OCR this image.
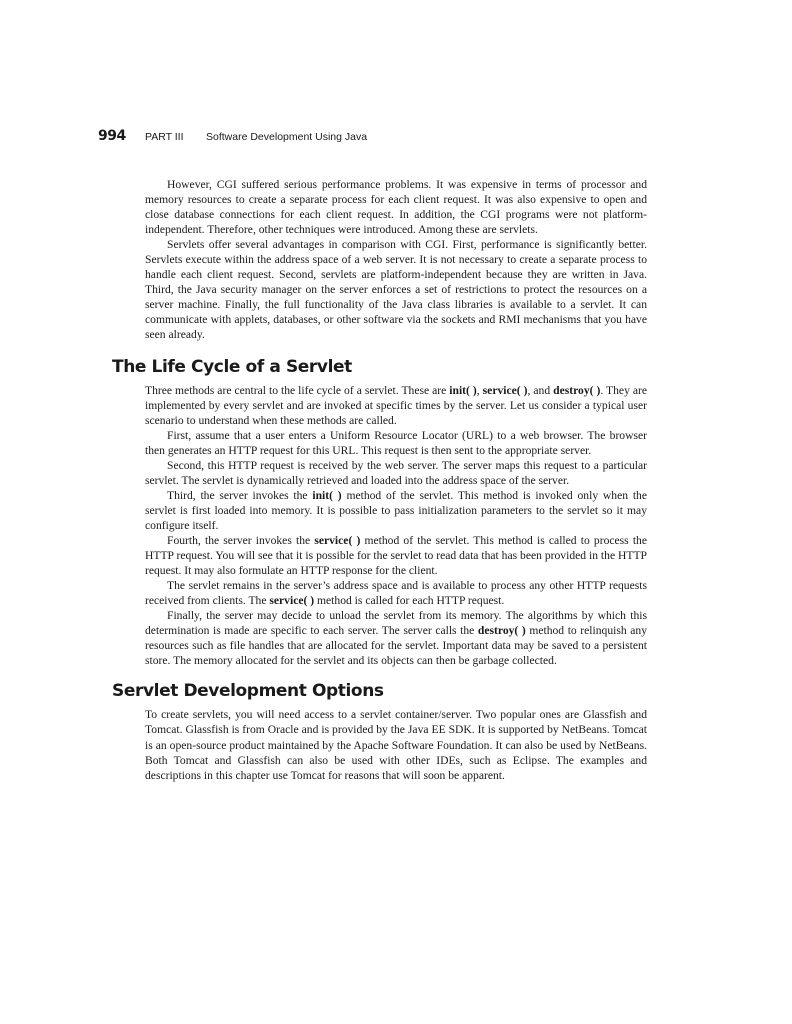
994 PART III Software Development Using Java

However, CGI suffered serious performance problems. It was expensive in terms of processor and memory resources to create a separate process for each client request. It was also expensive to open and close database connections for each client request. In addition, the CGI programs were not platform-independent. Therefore, other techniques were introduced. Among these are servlets.

Servlets offer several advantages in comparison with CGI. First, performance is significantly better. Servlets execute within the address space of a web server. It is not necessary to create a separate process to handle each client request. Second, servlets are platform-independent because they are written in Java. Third, the Java security manager on the server enforces a set of restrictions to protect the resources on a server machine. Finally, the full functionality of the Java class libraries is available to a servlet. It can communicate with applets, databases, or other software via the sockets and RMI mechanisms that you have seen already.

The Life Cycle of a Servlet

Three methods are central to the life cycle of a servlet. These are init( ), service( ), and destroy( ). They are implemented by every servlet and are invoked at specific times by the server. Let us consider a typical user scenario to understand when these methods are called.

First, assume that a user enters a Uniform Resource Locator (URL) to a web browser. The browser then generates an HTTP request for this URL. This request is then sent to the appropriate server.

Second, this HTTP request is received by the web server. The server maps this request to a particular servlet. The servlet is dynamically retrieved and loaded into the address space of the server.

Third, the server invokes the init( ) method of the servlet. This method is invoked only when the servlet is first loaded into memory. It is possible to pass initialization parameters to the servlet so it may configure itself.

Fourth, the server invokes the service( ) method of the servlet. This method is called to process the HTTP request. You will see that it is possible for the servlet to read data that has been provided in the HTTP request. It may also formulate an HTTP response for the client.

The servlet remains in the server’s address space and is available to process any other HTTP requests received from clients. The service( ) method is called for each HTTP request.

Finally, the server may decide to unload the servlet from its memory. The algorithms by which this determination is made are specific to each server. The server calls the destroy( ) method to relinquish any resources such as file handles that are allocated for the servlet. Important data may be saved to a persistent store. The memory allocated for the servlet and its objects can then be garbage collected.

Servlet Development Options

To create servlets, you will need access to a servlet container/server. Two popular ones are Glassfish and Tomcat. Glassfish is from Oracle and is provided by the Java EE SDK. It is supported by NetBeans. Tomcat is an open-source product maintained by the Apache Software Foundation. It can also be used by NetBeans. Both Tomcat and Glassfish can also be used with other IDEs, such as Eclipse. The examples and descriptions in this chapter use Tomcat for reasons that will soon be apparent.
